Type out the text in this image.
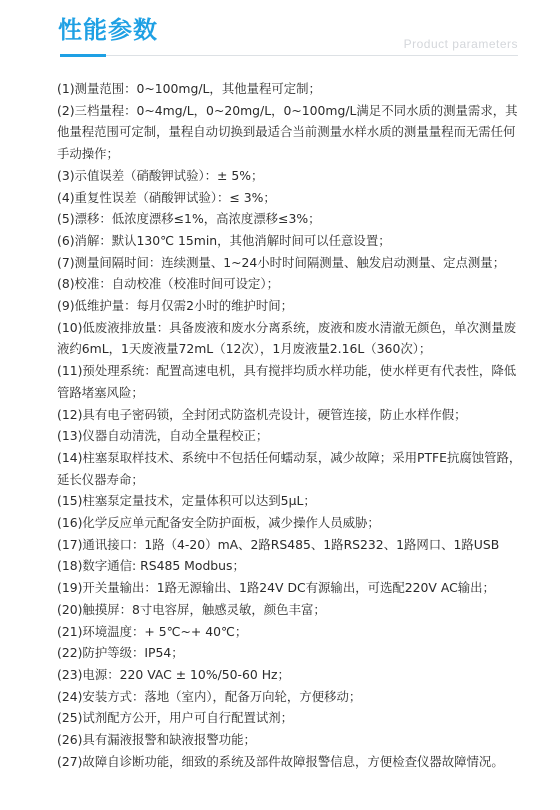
性能参数	Product parameters
(1)测量范围：0~100mg/L，其他量程可定制；
(2)三档量程：0~4mg/L，0~20mg/L，0~100mg/L满足不同水质的测量需求，其他量程范围可定制，量程自动切换到最适合当前测量水样水质的测量量程而无需任何手动操作；
(3)示值误差（硝酸钾试验）：± 5%；
(4)重复性误差（硝酸钾试验）：≤ 3%；
(5)漂移：低浓度漂移≤1%，高浓度漂移≤3%；
(6)消解：默认130℃ 15min，其他消解时间可以任意设置；
(7)测量间隔时间：连续测量、1~24小时时间隔测量、触发启动测量、定点测量；
(8)校准：自动校准（校准时间可设定）；
(9)低维护量：每月仅需2小时的维护时间；
(10)低废液排放量：具备废液和废水分离系统，废液和废水清澈无颜色，单次测量废液约6mL，1天废液量72mL（12次），1月废液量2.16L（360次）；
(11)预处理系统：配置高速电机，具有搅拌均质水样功能，使水样更有代表性，降低管路堵塞风险；
(12)具有电子密码锁，全封闭式防盗机壳设计，硬管连接，防止水样作假；
(13)仪器自动清洗，自动全量程校正；
(14)柱塞泵取样技术、系统中不包括任何蠕动泵，减少故障；采用PTFE抗腐蚀管路，延长仪器寿命；
(15)柱塞泵定量技术，定量体积可以达到5μL；
(16)化学反应单元配备安全防护面板，减少操作人员威胁；
(17)通讯接口：1路（4-20）mA、2路RS485、1路RS232、1路网口、1路USB
(18)数字通信: RS485 Modbus；
(19)开关量输出：1路无源输出、1路24V DC有源输出，可选配220V AC输出；
(20)触摸屏：8寸电容屏，触感灵敏，颜色丰富；
(21)环境温度：+ 5℃~+ 40℃；
(22)防护等级：IP54；
(23)电源：220 VAC ± 10%/50-60 Hz；
(24)安装方式：落地（室内），配备万向轮，方便移动；
(25)试剂配方公开，用户可自行配置试剂；
(26)具有漏液报警和缺液报警功能；
(27)故障自诊断功能，细致的系统及部件故障报警信息，方便检查仪器故障情况。
